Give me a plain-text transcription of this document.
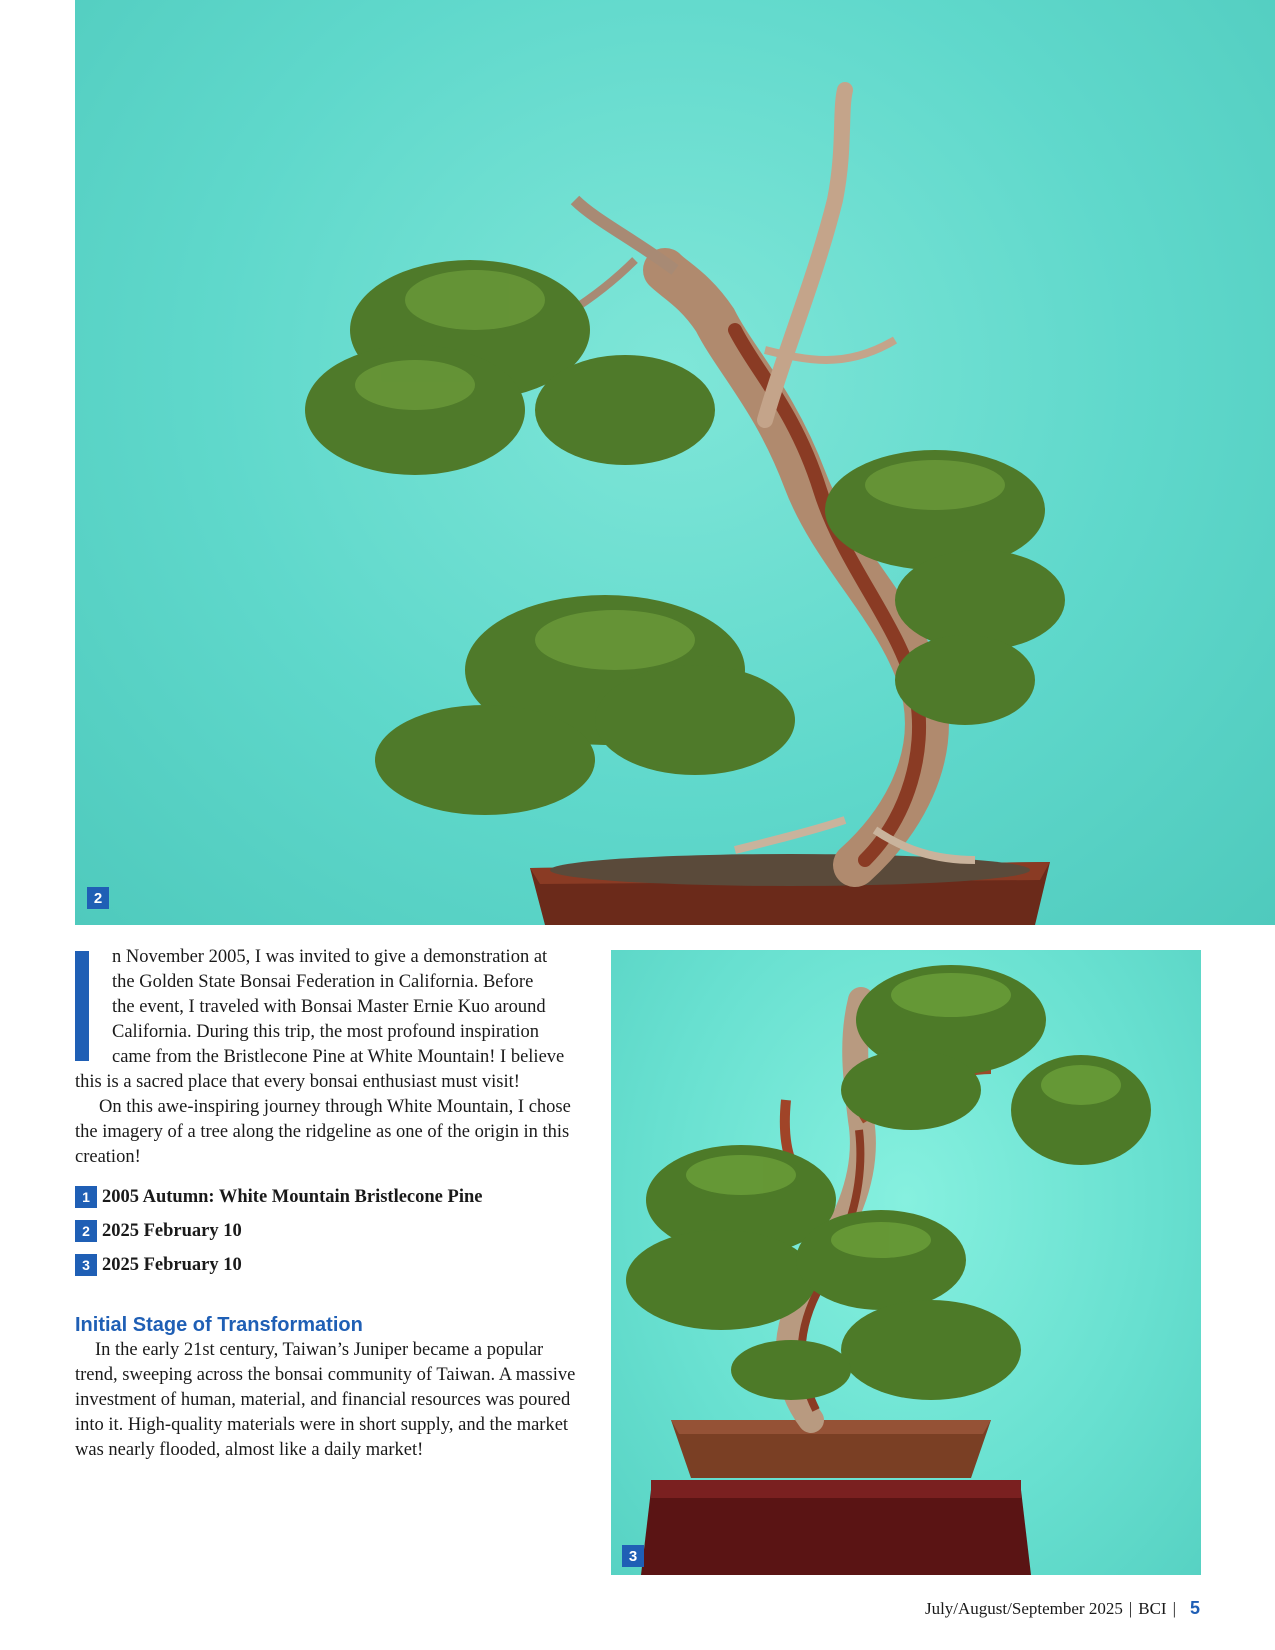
2

n November 2005, I was invited to give a demonstration at
the Golden State Bonsai Federation in California. Before
the event, I traveled with Bonsai Master Ernie Kuo around
California. During this trip, the most profound inspiration
came from the Bristlecone Pine at White Mountain! I believe
this is a sacred place that every bonsai enthusiast must visit!

On this awe-inspiring journey through White Mountain, I chose the imagery of a tree along the ridgeline as one of the origin in this creation!

1 2005 Autumn: White Mountain Bristlecone Pine
2 2025 February 10
3 2025 February 10
Initial Stage of Transformation

In the early 21st century, Taiwan’s Juniper became a popular trend, sweeping across the bonsai community of Taiwan. A massive investment of human, material, and financial resources was poured into it. High-quality materials were in short supply, and the market was nearly flooded, almost like a daily market!

3
July/August/September 2025 | BCI | 5
